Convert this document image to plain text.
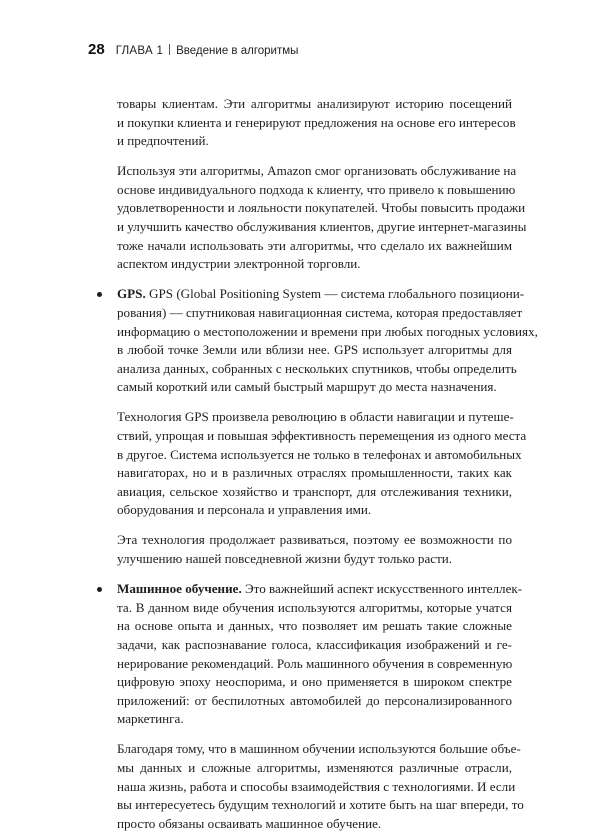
28 ГЛАВА 1 Введение в алгоритмы
товары клиентам. Эти алгоритмы анализируют историю посещений
и покупки клиента и генерируют предложения на основе его интересов
и предпочтений.
Используя эти алгоритмы, Amazon смог организовать обслуживание на
основе индивидуального подхода к клиенту, что привело к повышению
удовлетворенности и лояльности покупателей. Чтобы повысить продажи
и улучшить качество обслуживания клиентов, другие интернет-магазины
тоже начали использовать эти алгоритмы, что сделало их важнейшим
аспектом индустрии электронной торговли.
GPS. GPS (Global Positioning System — система глобального позициони-
рования) — спутниковая навигационная система, которая предоставляет
информацию о местоположении и времени при любых погодных условиях,
в любой точке Земли или вблизи нее. GPS использует алгоритмы для
анализа данных, собранных с нескольких спутников, чтобы определить
самый короткий или самый быстрый маршрут до места назначения.
Технология GPS произвела революцию в области навигации и путеше-
ствий, упрощая и повышая эффективность перемещения из одного места
в другое. Система используется не только в телефонах и автомобильных
навигаторах, но и в различных отраслях промышленности, таких как
авиация, сельское хозяйство и транспорт, для отслеживания техники,
оборудования и персонала и управления ими.
Эта технология продолжает развиваться, поэтому ее возможности по
улучшению нашей повседневной жизни будут только расти.
Машинное обучение. Это важнейший аспект искусственного интеллек-
та. В данном виде обучения используются алгоритмы, которые учатся
на основе опыта и данных, что позволяет им решать такие сложные
задачи, как распознавание голоса, классификация изображений и ге-
нерирование рекомендаций. Роль машинного обучения в современную
цифровую эпоху неоспорима, и оно применяется в широком спектре
приложений: от беспилотных автомобилей до персонализированного
маркетинга.
Благодаря тому, что в машинном обучении используются большие объе-
мы данных и сложные алгоритмы, изменяются различные отрасли,
наша жизнь, работа и способы взаимодействия с технологиями. И если
вы интересуетесь будущим технологий и хотите быть на шаг впереди, то
просто обязаны осваивать машинное обучение.
